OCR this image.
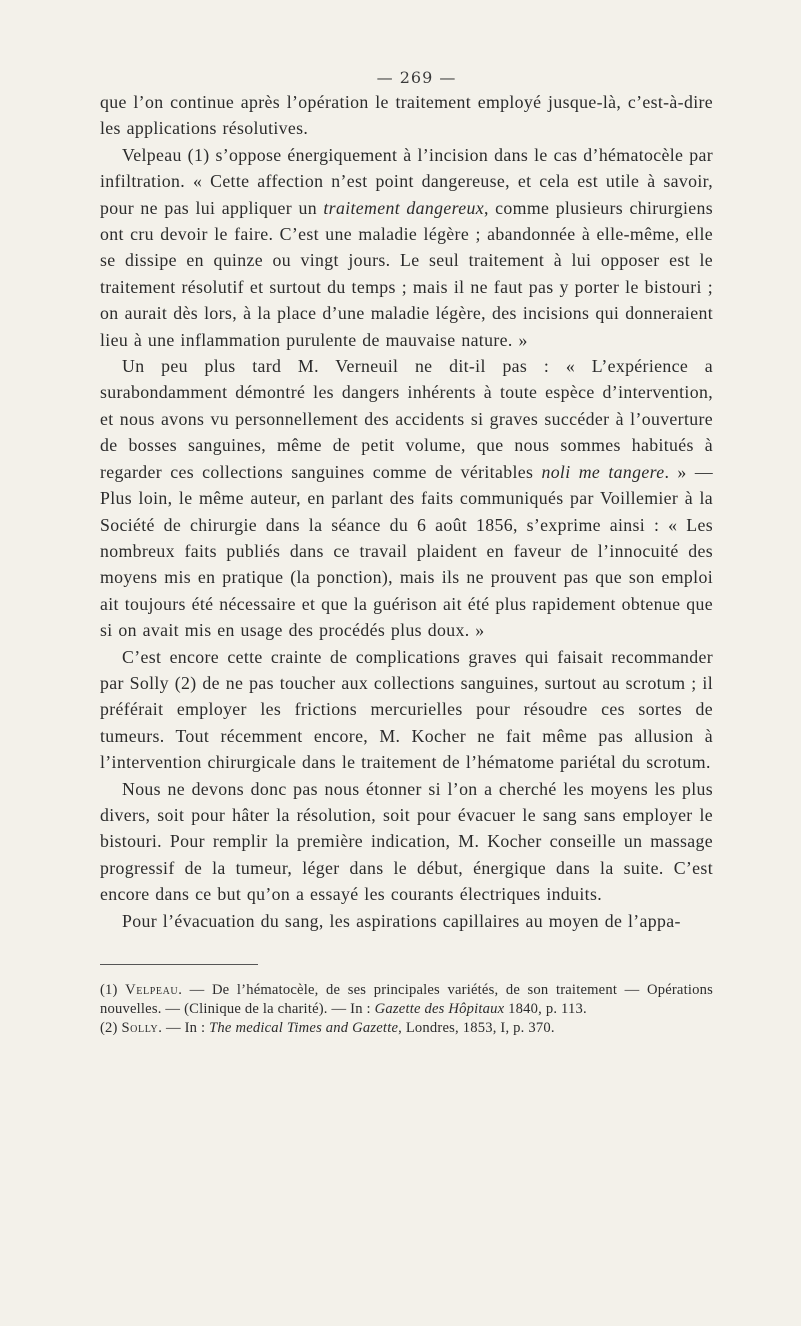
— 269 —

que l’on continue après l’opération le traitement employé jusque-là, c’est-à-dire les applications résolutives.

Velpeau (1) s’oppose énergiquement à l’incision dans le cas d’hématocèle par infiltration. « Cette affection n’est point dangereuse, et cela est utile à savoir, pour ne pas lui appliquer un traitement dangereux, comme plusieurs chirurgiens ont cru devoir le faire. C’est une maladie légère ; abandonnée à elle-même, elle se dissipe en quinze ou vingt jours. Le seul traitement à lui opposer est le traitement résolutif et surtout du temps ; mais il ne faut pas y porter le bistouri ; on aurait dès lors, à la place d’une maladie légère, des incisions qui donneraient lieu à une inflammation purulente de mauvaise nature. »

Un peu plus tard M. Verneuil ne dit-il pas : « L’expérience a surabondamment démontré les dangers inhérents à toute espèce d’intervention, et nous avons vu personnellement des accidents si graves succéder à l’ouverture de bosses sanguines, même de petit volume, que nous sommes habitués à regarder ces collections sanguines comme de véritables noli me tangere. » — Plus loin, le même auteur, en parlant des faits communiqués par Voillemier à la Société de chirurgie dans la séance du 6 août 1856, s’exprime ainsi : « Les nombreux faits publiés dans ce travail plaident en faveur de l’innocuité des moyens mis en pratique (la ponction), mais ils ne prouvent pas que son emploi ait toujours été nécessaire et que la guérison ait été plus rapidement obtenue que si on avait mis en usage des procédés plus doux. »

C’est encore cette crainte de complications graves qui faisait recommander par Solly (2) de ne pas toucher aux collections sanguines, surtout au scrotum ; il préférait employer les frictions mercurielles pour résoudre ces sortes de tumeurs. Tout récemment encore, M. Kocher ne fait même pas allusion à l’intervention chirurgicale dans le traitement de l’hématome pariétal du scrotum.

Nous ne devons donc pas nous étonner si l’on a cherché les moyens les plus divers, soit pour hâter la résolution, soit pour évacuer le sang sans employer le bistouri. Pour remplir la première indication, M. Kocher conseille un massage progressif de la tumeur, léger dans le début, énergique dans la suite. C’est encore dans ce but qu’on a essayé les courants électriques induits.

Pour l’évacuation du sang, les aspirations capillaires au moyen de l’appa-

(1) Velpeau. — De l’hématocèle, de ses principales variétés, de son traitement — Opérations nouvelles. — (Clinique de la charité). — In : Gazette des Hôpitaux 1840, p. 113.

(2) Solly. — In : The medical Times and Gazette, Londres, 1853, I, p. 370.
